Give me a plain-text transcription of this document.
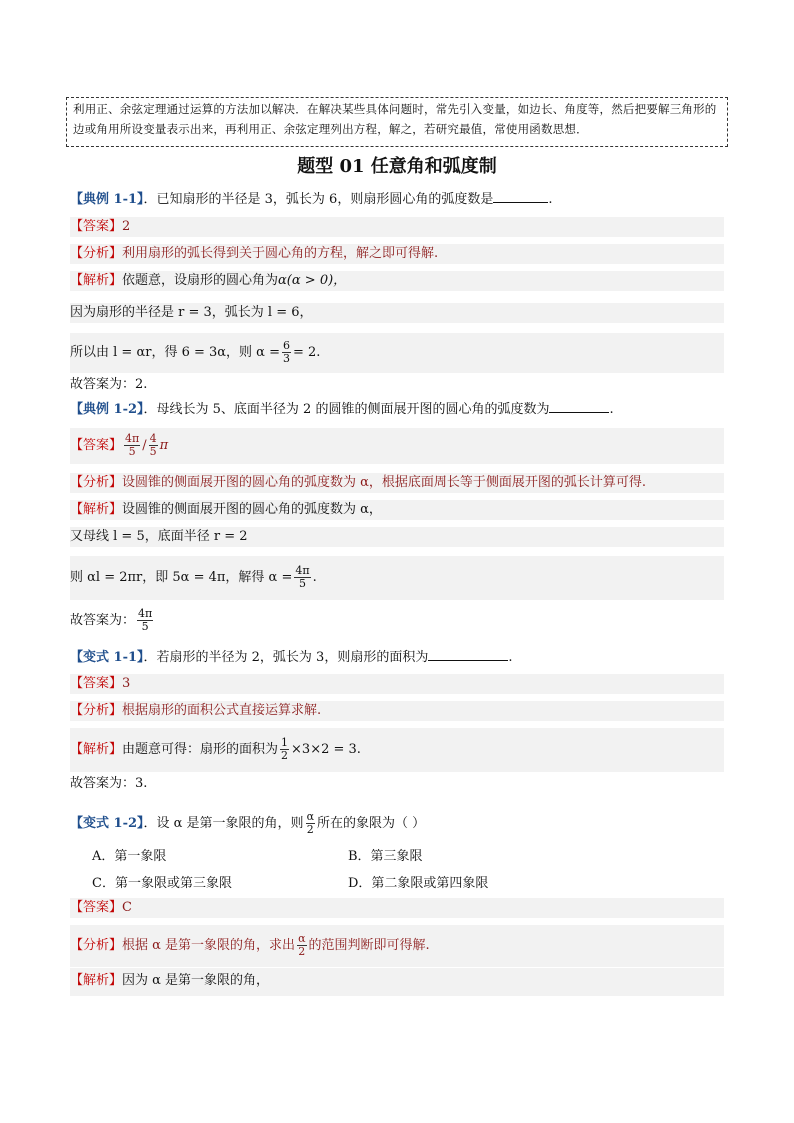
利用正、余弦定理通过运算的方法加以解决．在解决某些具体问题时，常先引入变量，如边长、角度等，然后把要解三角形的边或角用所设变量表示出来，再利用正、余弦定理列出方程，解之，若研究最值，常使用函数思想．
题型 01 任意角和弧度制
【典例 1-1】．已知扇形的半径是 3，弧长为 6，则扇形圆心角的弧度数是	.
【答案】2
【分析】利用扇形的弧长得到关于圆心角的方程，解之即可得解.
【解析】依题意，设扇形的圆心角为α(α > 0)，
因为扇形的半径是 r = 3，弧长为 l = 6，
所以由 l = αr，得 6 = 3α，则 $\alpha = \frac{6}{3} = 2$.
故答案为：2.
【典例 1-2】．母线长为 5、底面半径为 2 的圆锥的侧面展开图的圆心角的弧度数为	.
【答案】 $\frac{4\pi}{5} / \frac{4}{5}$ π
【分析】设圆锥的侧面展开图的圆心角的弧度数为 α，根据底面周长等于侧面展开图的弧长计算可得.
【解析】设圆锥的侧面展开图的圆心角的弧度数为 α，
又母线 l = 5，底面半径 r = 2
则 αl = 2πr，即 5α = 4π，解得 $\alpha = \frac{4\pi}{5}$ .
故答案为： $\frac{4\pi}{5}$
【变式 1-1】．若扇形的半径为 2，弧长为 3，则扇形的面积为	.
【答案】3
【分析】根据扇形的面积公式直接运算求解.
【解析】由题意可得：扇形的面积为 $\frac{1}{2} \times 3\times 2 = 3$.
故答案为：3.
【变式 1-2】．设 α 是第一象限的角，则 $\frac{\alpha}{2}$ 所在的象限为（ ）
A．第一象限	B．第三象限
C．第一象限或第三象限	D．第二象限或第四象限
【答案】C
【分析】根据 α 是第一象限的角，求出 $\frac{\alpha}{2}$ 的范围判断即可得解.
【解析】因为 α 是第一象限的角，
